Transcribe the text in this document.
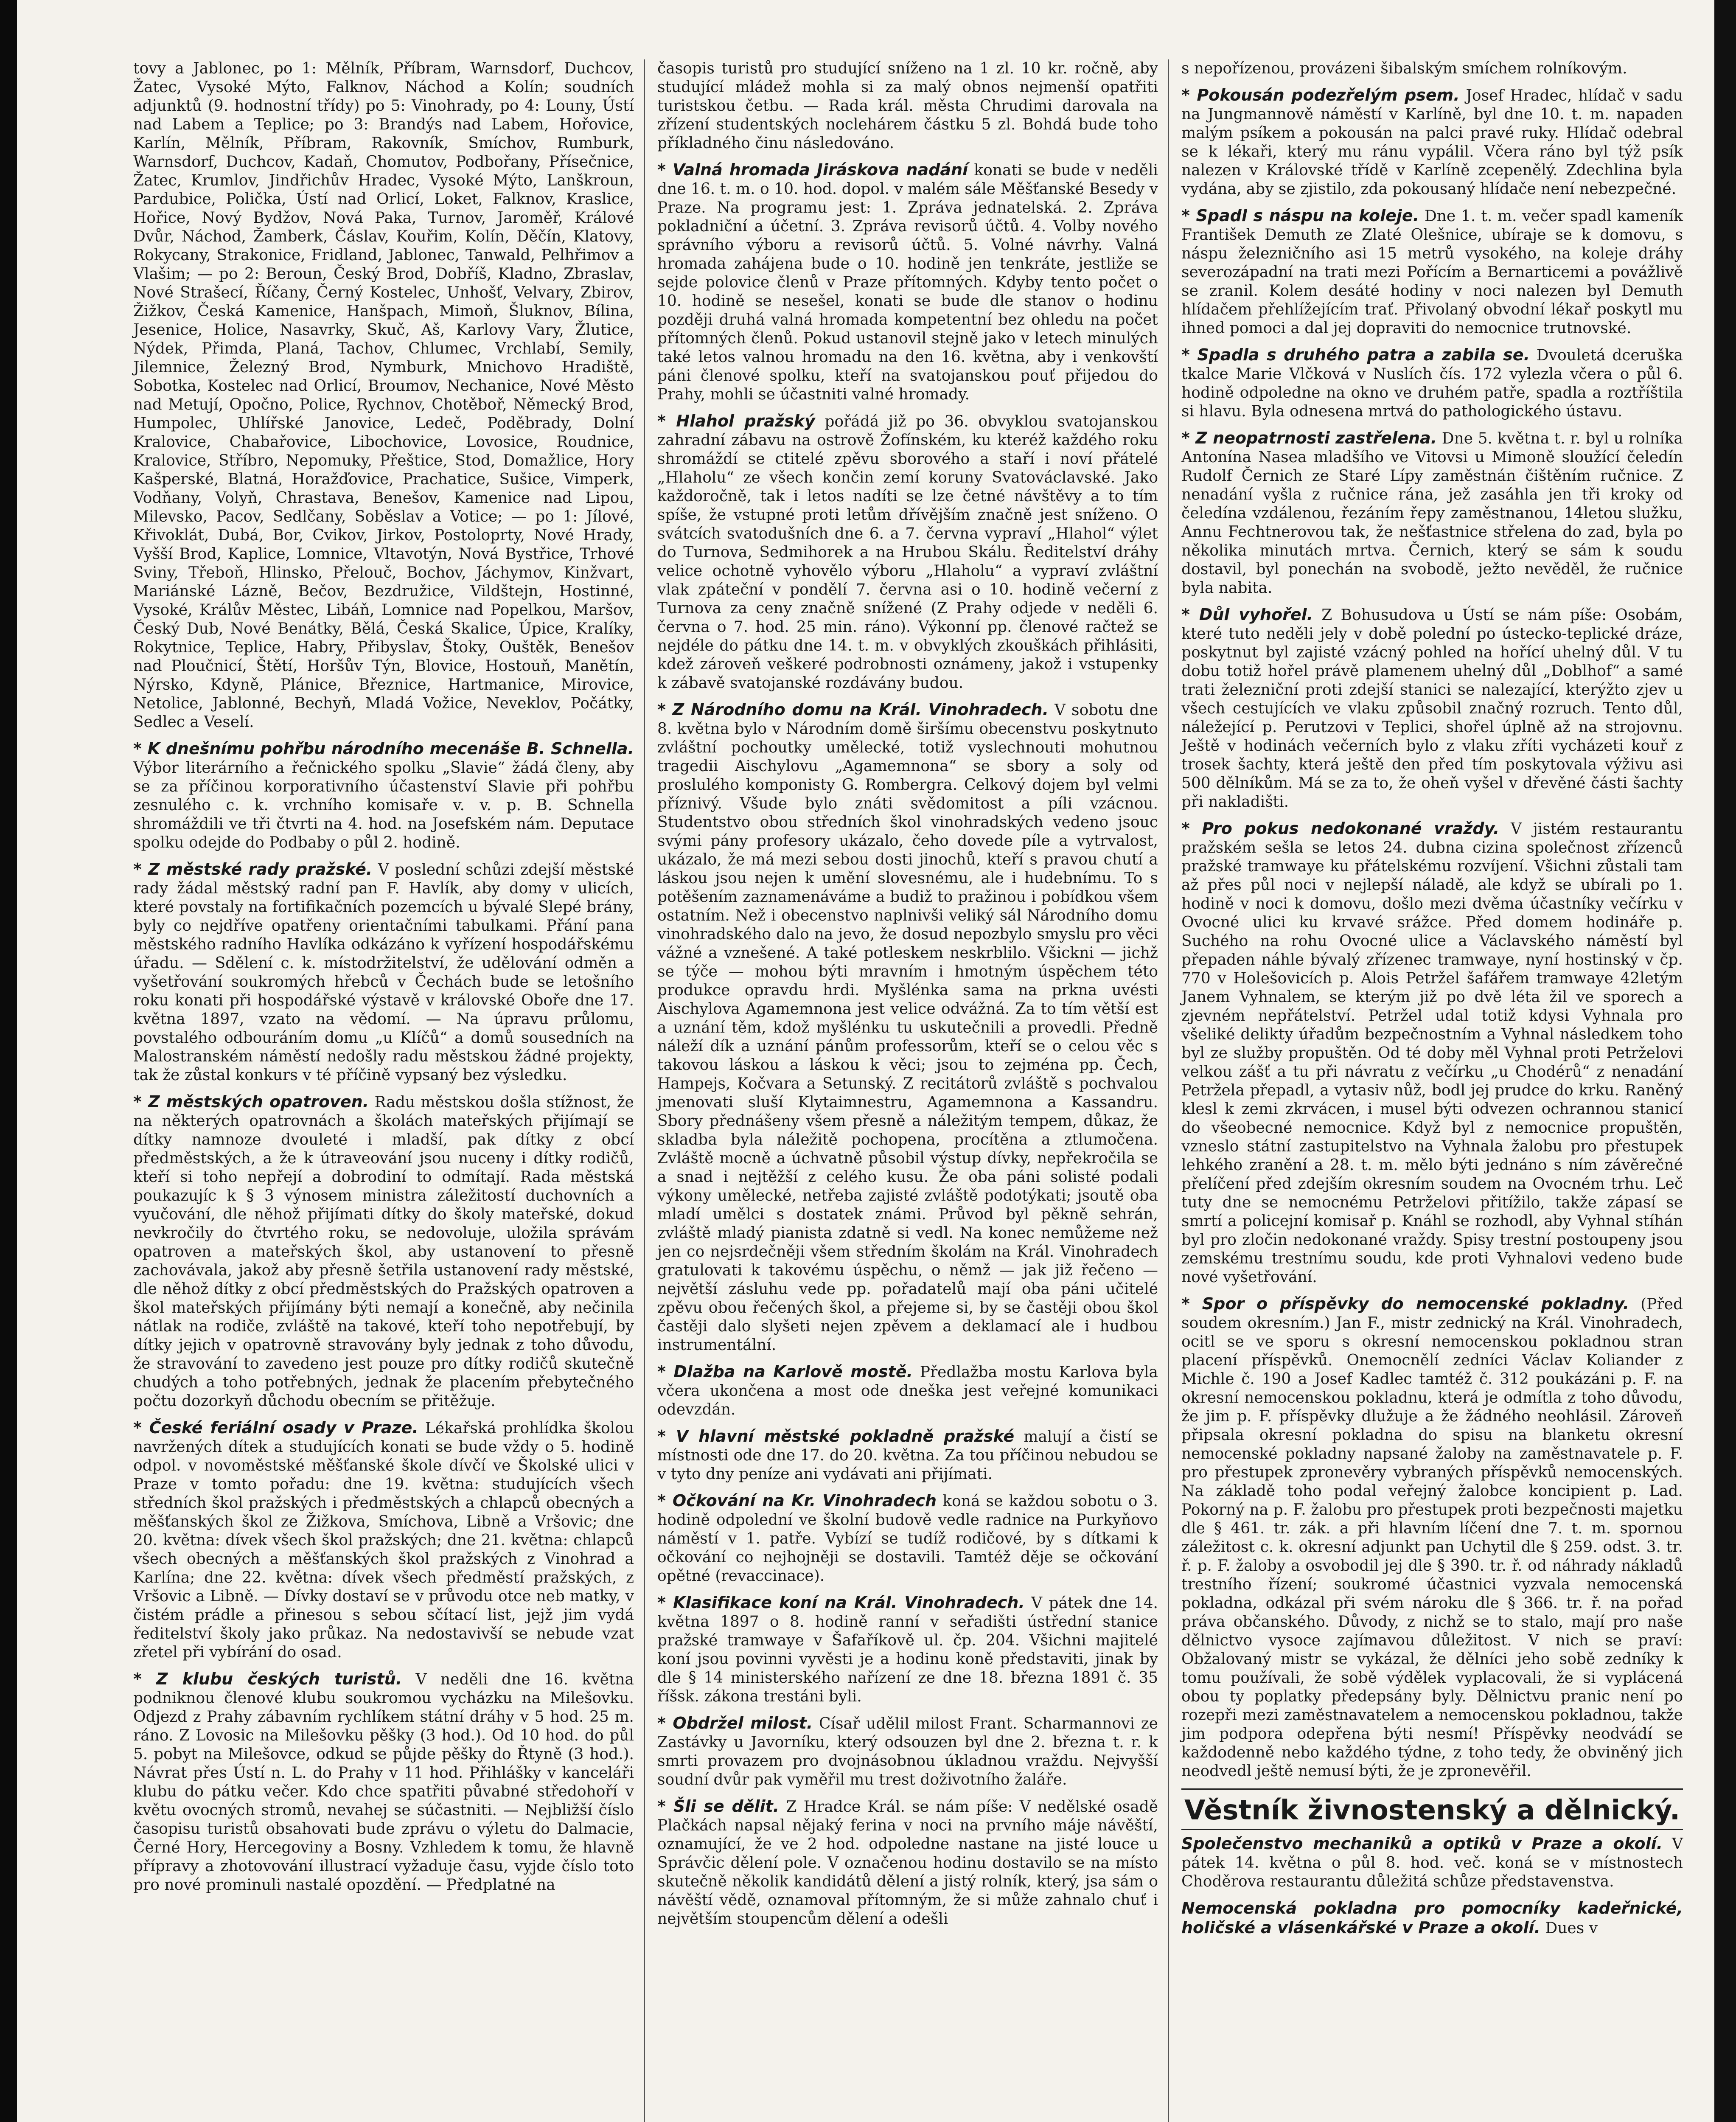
tovy a Jablonec, po 1: Mělník, Příbram, Warnsdorf, Duchcov, Žatec, Vysoké Mýto, Falknov, Náchod a Kolín; soudních adjunktů (9. hodnostní třídy) po 5: Vinohrady, po 4: Louny, Ústí nad Labem a Teplice; po 3: Brandýs nad Labem, Hořovice, Karlín, Mělník, Příbram, Rakovník, Smíchov, Rumburk, Warnsdorf, Duchcov, Kadaň, Chomutov, Podbořany, Přísečnice, Žatec, Krumlov, Jindřichův Hradec, Vysoké Mýto, Lanškroun, Pardubice, Polička, Ústí nad Orlicí, Loket, Falknov, Kraslice, Hořice, Nový Bydžov, Nová Paka, Turnov, Jaroměř, Králové Dvůr, Náchod, Žamberk, Čáslav, Kouřim, Kolín, Děčín, Klatovy, Rokycany, Strakonice, Fridland, Jablonec, Tanwald, Pelhřimov a Vlašim; — po 2: Beroun, Český Brod, Dobříš, Kladno, Zbraslav, Nové Strašecí, Říčany, Černý Kostelec, Unhošť, Velvary, Zbirov, Žižkov, Česká Kamenice, Hanšpach, Mimoň, Šluknov, Bílina, Jesenice, Holice, Nasavrky, Skuč, Aš, Karlovy Vary, Žlutice, Nýdek, Přimda, Planá, Tachov, Chlumec, Vrchlabí, Semily, Jilemnice, Železný Brod, Nymburk, Mnichovo Hradiště, Sobotka, Kostelec nad Orlicí, Broumov, Nechanice, Nové Město nad Metují, Opočno, Police, Rychnov, Chotěboř, Německý Brod, Humpolec, Uhlířské Janovice, Ledeč, Poděbrady, Dolní Kralovice, Chabařovice, Libochovice, Lovosice, Roudnice, Kralovice, Stříbro, Nepomuky, Přeštice, Stod, Domažlice, Hory Kašperské, Blatná, Horažďovice, Prachatice, Sušice, Vimperk, Vodňany, Volyň, Chrastava, Benešov, Kamenice nad Lipou, Milevsko, Pacov, Sedlčany, Soběslav a Votice; — po 1: Jílové, Křivoklát, Dubá, Bor, Cvikov, Jirkov, Postoloprty, Nové Hrady, Vyšší Brod, Kaplice, Lomnice, Vltavotýn, Nová Bystřice, Trhové Sviny, Třeboň, Hlinsko, Přelouč, Bochov, Jáchymov, Kinžvart, Mariánské Lázně, Bečov, Bezdružice, Vildštejn, Hostinné, Vysoké, Králův Městec, Libáň, Lomnice nad Popelkou, Maršov, Český Dub, Nové Benátky, Bělá, Česká Skalice, Úpice, Kralíky, Rokytnice, Teplice, Habry, Přibyslav, Štoky, Ouštěk, Benešov nad Ploučnicí, Štětí, Horšův Týn, Blovice, Hostouň, Manětín, Nýrsko, Kdyně, Plánice, Březnice, Hartmanice, Mirovice, Netolice, Jablonné, Bechyň, Mladá Vožice, Neveklov, Počátky, Sedlec a Veselí.
* K dnešnímu pohřbu národního mecenáše B. Schnella. Výbor literárního a řečnického spolku „Slavie“ žádá členy, aby se za příčinou korporativního účastenství Slavie při pohřbu zesnulého c. k. vrchního komisaře v. v. p. B. Schnella shromáždili ve tři čtvrti na 4. hod. na Josefském nám. Deputace spolku odejde do Podbaby o půl 2. hodině.
* Z městské rady pražské. V poslední schůzi zdejší městské rady žádal městský radní pan F. Havlík, aby domy v ulicích, které povstaly na fortifikačních pozemcích u bývalé Slepé brány, byly co nejdříve opatřeny orientačními tabulkami. Přání pana městského radního Havlíka odkázáno k vyřízení hospodářskému úřadu. — Sdělení c. k. místodržitelství, že udělování odměn a vyšetřování soukromých hřebců v Čechách bude se letošního roku konati při hospodářské výstavě v královské Oboře dne 17. května 1897, vzato na vědomí. — Na úpravu průlomu, povstalého odbouráním domu „u Klíčů“ a domů sousedních na Malostranském náměstí nedošly radu městskou žádné projekty, tak že zůstal konkurs v té příčině vypsaný bez výsledku.
* Z městských opatroven. Radu městskou došla stížnost, že na některých opatrovnách a školách mateřských přijímají se dítky namnoze dvouleté i mladší, pak dítky z obcí předměstských, a že k útraveování jsou nuceny i dítky rodičů, kteří si toho nepřejí a dobrodiní to odmítají. Rada městská poukazujíc k § 3 výnosem ministra záležitostí duchovních a vyučování, dle něhož přijímati dítky do školy mateřské, dokud nevkročily do čtvrtého roku, se nedovoluje, uložila správám opatroven a mateřských škol, aby ustanovení to přesně zachovávala, jakož aby přesně šetřila ustanovení rady městské, dle něhož dítky z obcí předměstských do Pražských opatroven a škol mateřských přijímány býti nemají a konečně, aby nečinila nátlak na rodiče, zvláště na takové, kteří toho nepotřebují, by dítky jejich v opatrovně stravovány byly jednak z toho důvodu, že stravování to zavedeno jest pouze pro dítky rodičů skutečně chudých a toho potřebných, jednak že placením přebytečného počtu dozorkyň důchodu obecním se přitěžuje.
* České feriální osady v Praze. Lékařská prohlídka školou navržených dítek a studujících konati se bude vždy o 5. hodině odpol. v novoměstské měšťanské škole dívčí ve Školské ulici v Praze v tomto pořadu: dne 19. května: studujících všech středních škol pražských i předměstských a chlapců obecných a měšťanských škol ze Žižkova, Smíchova, Libně a Vršovic; dne 20. května: dívek všech škol pražských; dne 21. května: chlapců všech obecných a měšťanských škol pražských z Vinohrad a Karlína; dne 22. května: dívek všech předměstí pražských, z Vršovic a Libně. — Dívky dostaví se v průvodu otce neb matky, v čistém prádle a přinesou s sebou sčítací list, jejž jim vydá ředitelství školy jako průkaz. Na nedostavivší se nebude vzat zřetel při vybírání do osad.
* Z klubu českých turistů. V neděli dne 16. května podniknou členové klubu soukromou vycházku na Milešovku. Odjezd z Prahy zábavním rychlíkem státní dráhy v 5 hod. 25 m. ráno. Z Lovosic na Milešovku pěšky (3 hod.). Od 10 hod. do půl 5. pobyt na Milešovce, odkud se půjde pěšky do Řtyně (3 hod.). Návrat přes Ústí n. L. do Prahy v 11 hod. Přihlášky v kanceláři klubu do pátku večer. Kdo chce spatřiti půvabné středohoří v květu ovocných stromů, nevahej se súčastniti. — Nejbližší číslo časopisu turistů obsahovati bude zprávu o výletu do Dalmacie, Černé Hory, Hercegoviny a Bosny. Vzhledem k tomu, že hlavně přípravy a zhotovování illustrací vyžaduje času, vyjde číslo toto pro nové prominuli nastalé opozdění. — Předplatné na
časopis turistů pro studující sníženo na 1 zl. 10 kr. ročně, aby studující mládež mohla si za malý obnos nejmenší opatřiti turistskou četbu. — Rada král. města Chrudimi darovala na zřízení studentských noclehárem částku 5 zl. Bohdá bude toho příkladného činu následováno.
* Valná hromada Jiráskova nadání konati se bude v neděli dne 16. t. m. o 10. hod. dopol. v malém sále Měšťanské Besedy v Praze. Na programu jest: 1. Zpráva jednatelská. 2. Zpráva pokladniční a účetní. 3. Zpráva revisorů účtů. 4. Volby nového správního výboru a revisorů účtů. 5. Volné návrhy. Valná hromada zahájena bude o 10. hodině jen tenkráte, jestliže se sejde polovice členů v Praze přítomných. Kdyby tento počet o 10. hodině se nesešel, konati se bude dle stanov o hodinu později druhá valná hromada kompetentní bez ohledu na počet přítomných členů. Pokud ustanovil stejně jako v letech minulých také letos valnou hromadu na den 16. května, aby i venkovští páni členové spolku, kteří na svatojanskou pouť přijedou do Prahy, mohli se účastniti valné hromady.
* Hlahol pražský pořádá již po 36. obvyklou svatojanskou zahradní zábavu na ostrově Žofínském, ku kteréž každého roku shromáždí se ctitelé zpěvu sborového a staří i noví přátelé „Hlaholu“ ze všech končin zemí koruny Svatováclavské. Jako každoročně, tak i letos nadíti se lze četné návštěvy a to tím spíše, že vstupné proti letům dřívějším značně jest sníženo. O svátcích svatodušních dne 6. a 7. června vypraví „Hlahol“ výlet do Turnova, Sedmihorek a na Hrubou Skálu. Ředitelství dráhy velice ochotně vyhovělo výboru „Hlaholu“ a vypraví zvláštní vlak zpáteční v pondělí 7. června asi o 10. hodině večerní z Turnova za ceny značně snížené (Z Prahy odjede v neděli 6. června o 7. hod. 25 min. ráno). Výkonní pp. členové račtež se nejdéle do pátku dne 14. t. m. v obvyklých zkouškách přihlásiti, kdež zároveň veškeré podrobnosti oznámeny, jakož i vstupenky k zábavě svatojanské rozdávány budou.
* Z Národního domu na Král. Vinohradech. V sobotu dne 8. května bylo v Národním domě širšímu obecenstvu poskytnuto zvláštní pochoutky umělecké, totiž vyslechnouti mohutnou tragedii Aischylovu „Agamemnona“ se sbory a soly od proslulého komponisty G. Rombergra. Celkový dojem byl velmi příznivý. Všude bylo znáti svědomitost a píli vzácnou. Studentstvo obou středních škol vinohradských vedeno jsouc svými pány profesory ukázalo, čeho dovede píle a vytrvalost, ukázalo, že má mezi sebou dosti jinochů, kteří s pravou chutí a láskou jsou nejen k umění slovesnému, ale i hudebnímu. To s potěšením zaznamenáváme a budiž to pražinou i pobídkou všem ostatním. Než i obecenstvo naplnivši veliký sál Národního domu vinohradského dalo na jevo, že dosud nepozbylo smyslu pro věci vážné a vznešené. A také potleskem neskrblilo. Všickni — jichž se týče — mohou býti mravním i hmotným úspěchem této produkce opravdu hrdi. Myšlénka sama na prkna uvésti Aischylova Agamemnona jest velice odvážná. Za to tím větší est a uznání těm, kdož myšlénku tu uskutečnili a provedli. Předně náleží dík a uznání pánům professorům, kteří se o celou věc s takovou láskou a láskou k věci; jsou to zejména pp. Čech, Hampejs, Kočvara a Setunský. Z recitátorů zvláště s pochvalou jmenovati sluší Klytaimnestru, Agamemnona a Kassandru. Sbory přednášeny všem přesně a náležitým tempem, důkaz, že skladba byla náležitě pochopena, procítěna a ztlumočena. Zvláště mocně a úchvatně působil výstup dívky, nepřekročila se a snad i nejtěžší z celého kusu. Že oba páni solisté podali výkony umělecké, netřeba zajisté zvláště podotýkati; jsoutě oba mladí umělci s dostatek známi. Průvod byl pěkně sehrán, zvláště mladý pianista zdatně si vedl. Na konec nemůžeme než jen co nejsrdečněji všem středním školám na Král. Vinohradech gratulovati k takovému úspěchu, o němž — jak již řečeno — největší zásluhu vede pp. pořadatelů mají oba páni učitelé zpěvu obou řečených škol, a přejeme si, by se častěji obou škol častěji dalo slyšeti nejen zpěvem a deklamací ale i hudbou instrumentální.
* Dlažba na Karlově mostě. Předlažba mostu Karlova byla včera ukončena a most ode dneška jest veřejné komunikaci odevzdán.
* V hlavní městské pokladně pražské malují a čistí se místnosti ode dne 17. do 20. května. Za tou příčinou nebudou se v tyto dny peníze ani vydávati ani přijímati.
* Očkování na Kr. Vinohradech koná se každou sobotu o 3. hodině odpolední ve školní budově vedle radnice na Purkyňovo náměstí v 1. patře. Vybízí se tudíž rodičové, by s dítkami k očkování co nejhojněji se dostavili. Tamtéž děje se očkování opětné (revaccinace).
* Klasifikace koní na Král. Vinohradech. V pátek dne 14. května 1897 o 8. hodině ranní v seřadišti ústřední stanice pražské tramwaye v Šafaříkově ul. čp. 204. Všichni majitelé koní jsou povinni vyvěsti je a hodinu koně představiti, jinak by dle § 14 ministerského nařízení ze dne 18. března 1891 č. 35 říšsk. zákona trestáni byli.
* Obdržel milost. Císař udělil milost Frant. Scharmannovi ze Zastávky u Javorníku, který odsouzen byl dne 2. března t. r. k smrti provazem pro dvojnásobnou úkladnou vraždu. Nejvyšší soudní dvůr pak vyměřil mu trest doživotního žaláře.
* Šli se dělit. Z Hradce Král. se nám píše: V nedělské osadě Plačkách napsal nějaký ferina v noci na prvního máje návěští, oznamující, že ve 2 hod. odpoledne nastane na jisté louce u Správčic dělení pole. V označenou hodinu dostavilo se na místo skutečně několik kandidátů dělení a jistý rolník, který, jsa sám o návěští vědě, oznamoval přítomným, že si může zahnalo chuť i největším stoupencům dělení a odešli
s nepořízenou, provázeni šibalským smíchem rolníkovým.
* Pokousán podezřelým psem. Josef Hradec, hlídač v sadu na Jungmannově náměstí v Karlíně, byl dne 10. t. m. napaden malým psíkem a pokousán na palci pravé ruky. Hlídač odebral se k lékaři, který mu ránu vypálil. Včera ráno byl týž psík nalezen v Královské třídě v Karlíně zcepenělý. Zdechlina byla vydána, aby se zjistilo, zda pokousaný hlídače není nebezpečné.
* Spadl s náspu na koleje. Dne 1. t. m. večer spadl kameník František Demuth ze Zlaté Olešnice, ubíraje se k domovu, s náspu železničního asi 15 metrů vysokého, na koleje dráhy severozápadní na trati mezi Pořícím a Bernarticemi a povážlivě se zranil. Kolem desáté hodiny v noci nalezen byl Demuth hlídačem přehlížejícím trať. Přivolaný obvodní lékař poskytl mu ihned pomoci a dal jej dopraviti do nemocnice trutnovské.
* Spadla s druhého patra a zabila se. Dvouletá dceruška tkalce Marie Vlčková v Nuslích čís. 172 vylezla včera o půl 6. hodině odpoledne na okno ve druhém patře, spadla a roztříštila si hlavu. Byla odnesena mrtvá do pathologického ústavu.
* Z neopatrnosti zastřelena. Dne 5. května t. r. byl u rolníka Antonína Nasea mladšího ve Vitovsi u Mimoně sloužící čeledín Rudolf Černich ze Staré Lípy zaměstnán čištěním ručnice. Z nenadání vyšla z ručnice rána, jež zasáhla jen tři kroky od čeledína vzdálenou, řezáním řepy zaměstnanou, 14letou služku, Annu Fechtnerovou tak, že nešťastnice střelena do zad, byla po několika minutách mrtva. Černich, který se sám k soudu dostavil, byl ponechán na svobodě, ježto nevěděl, že ručnice byla nabita.
* Důl vyhořel. Z Bohusudova u Ústí se nám píše: Osobám, které tuto neděli jely v době polední po ústecko-teplické dráze, poskytnut byl zajisté vzácný pohled na hořící uhelný důl. V tu dobu totiž hořel právě plamenem uhelný důl „Doblhof“ a samé trati železniční proti zdejší stanici se nalezající, kterýžto zjev u všech cestujících ve vlaku způsobil značný rozruch. Tento důl, náležející p. Perutzovi v Teplici, shořel úplně až na strojovnu. Ještě v hodinách večerních bylo z vlaku zříti vycházeti kouř z trosek šachty, která ještě den před tím poskytovala výživu asi 500 dělníkům. Má se za to, že oheň vyšel v dřevěné části šachty při nakladišti.
* Pro pokus nedokonané vraždy. V jistém restaurantu pražském sešla se letos 24. dubna cizina společnost zřízenců pražské tramwaye ku přátelskému rozvíjení. Všichni zůstali tam až přes půl noci v nejlepší náladě, ale když se ubírali po 1. hodině v noci k domovu, došlo mezi dvěma účastníky večírku v Ovocné ulici ku krvavé srážce. Před domem hodináře p. Suchého na rohu Ovocné ulice a Václavského náměstí byl přepaden náhle bývalý zřízenec tramwaye, nyní hostinský v čp. 770 v Holešovicích p. Alois Petržel šafářem tramwaye 42letým Janem Vyhnalem, se kterým již po dvě léta žil ve sporech a zjevném nepřátelství. Petržel udal totiž kdysi Vyhnala pro všeliké delikty úřadům bezpečnostním a Vyhnal následkem toho byl ze služby propuštěn. Od té doby měl Vyhnal proti Petrželovi velkou zášť a tu při návratu z večírku „u Chodérů“ z nenadání Petržela přepadl, a vytasiv nůž, bodl jej prudce do krku. Raněný klesl k zemi zkrvácen, i musel býti odvezen ochrannou stanicí do všeobecné nemocnice. Když byl z nemocnice propuštěn, vzneslo státní zastupitelstvo na Vyhnala žalobu pro přestupek lehkého zranění a 28. t. m. mělo býti jednáno s ním závěrečné přelíčení před zdejším okresním soudem na Ovocném trhu. Leč tuty dne se nemocnému Petrželovi přitížilo, takže zápasí se smrtí a policejní komisař p. Knáhl se rozhodl, aby Vyhnal stíhán byl pro zločin nedokonané vraždy. Spisy trestní postoupeny jsou zemskému trestnímu soudu, kde proti Vyhnalovi vedeno bude nové vyšetřování.
* Spor o příspěvky do nemocenské pokladny. (Před soudem okresním.) Jan F., mistr zednický na Král. Vinohradech, ocitl se ve sporu s okresní nemocenskou pokladnou stran placení příspěvků. Onemocnělí zedníci Václav Koliander z Michle č. 190 a Josef Kadlec tamtéž č. 312 poukázáni p. F. na okresní nemocenskou pokladnu, která je odmítla z toho důvodu, že jim p. F. příspěvky dlužuje a že žádného neohlásil. Zároveň připsala okresní pokladna do spisu na blanketu okresní nemocenské pokladny napsané žaloby na zaměstnavatele p. F. pro přestupek zpronevěry vybraných příspěvků nemocenských. Na základě toho podal veřejný žalobce koncipient p. Lad. Pokorný na p. F. žalobu pro přestupek proti bezpečnosti majetku dle § 461. tr. zák. a při hlavním líčení dne 7. t. m. spornou záležitost c. k. okresní adjunkt pan Uchytil dle § 259. odst. 3. tr. ř. p. F. žaloby a osvobodil jej dle § 390. tr. ř. od náhrady nákladů trestního řízení; soukromé účastnici vyzvala nemocenská pokladna, odkázal při svém nároku dle § 366. tr. ř. na pořad práva občanského. Důvody, z nichž se to stalo, mají pro naše dělnictvo vysoce zajímavou důležitost. V nich se praví: Obžalovaný mistr se vykázal, že dělníci jeho sobě zedníky k tomu používali, že sobě výdělek vyplacovali, že si vyplácená obou ty poplatky předepsány byly. Dělnictvu pranic není po rozepři mezi zaměstnavatelem a nemocenskou pokladnou, takže jim podpora odepřena býti nesmí! Příspěvky neodvádí se každodenně nebo každého týdne, z toho tedy, že obviněný jich neodvedl ještě nemusí býti, že je zpronevěřil.
Věstník živnostenský a dělnický.
Společenstvo mechaniků a optiků v Praze a okolí. V pátek 14. května o půl 8. hod. več. koná se v místnostech Choděrova restaurantu důležitá schůze představenstva.
Nemocenská pokladna pro pomocníky kadeřnické, holičské a vlásenkářské v Praze a okolí. Dues v
